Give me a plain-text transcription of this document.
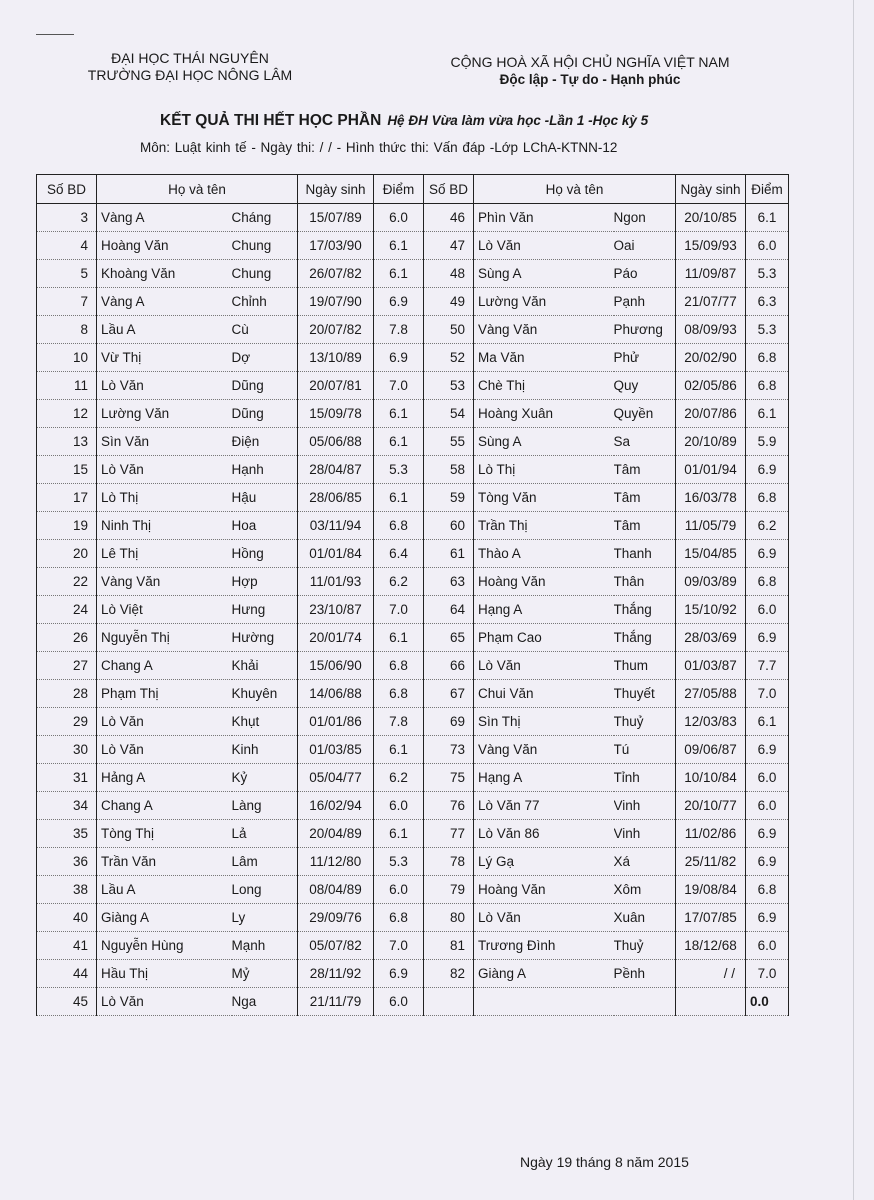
ĐẠI HỌC THÁI NGUYÊN
TRƯỜNG ĐẠI HỌC NÔNG LÂM
CỘNG HOÀ XÃ HỘI CHỦ NGHĨA VIỆT NAM
Độc lập - Tự do - Hạnh phúc
KẾT QUẢ THI HẾT HỌC PHẦN Hệ ĐH Vừa làm vừa học -Lần 1 -Học kỳ 5
Môn: Luật kinh tế - Ngày thi: / / - Hình thức thi: Vấn đáp -Lớp LChA-KTNN-12
Số BD	Họ và tên		Ngày sinh	Điểm	Số BD	Họ và tên		Ngày sinh	Điểm
3	Vàng A	Cháng	15/07/89	6.0	46	Phìn Văn	Ngon	20/10/85	6.1
4	Hoàng Văn	Chung	17/03/90	6.1	47	Lò Văn	Oai	15/09/93	6.0
5	Khoàng Văn	Chung	26/07/82	6.1	48	Sùng A	Páo	11/09/87	5.3
7	Vàng A	Chỉnh	19/07/90	6.9	49	Lường Văn	Pạnh	21/07/77	6.3
8	Lầu A	Cù	20/07/82	7.8	50	Vàng Văn	Phương	08/09/93	5.3
10	Vừ Thị	Dợ	13/10/89	6.9	52	Ma Văn	Phử	20/02/90	6.8
11	Lò Văn	Dũng	20/07/81	7.0	53	Chè Thị	Quy	02/05/86	6.8
12	Lường Văn	Dũng	15/09/78	6.1	54	Hoàng Xuân	Quyền	20/07/86	6.1
13	Sìn Văn	Điện	05/06/88	6.1	55	Sùng A	Sa	20/10/89	5.9
15	Lò Văn	Hạnh	28/04/87	5.3	58	Lò Thị	Tâm	01/01/94	6.9
17	Lò Thị	Hậu	28/06/85	6.1	59	Tòng Văn	Tâm	16/03/78	6.8
19	Ninh Thị	Hoa	03/11/94	6.8	60	Trần Thị	Tâm	11/05/79	6.2
20	Lê Thị	Hồng	01/01/84	6.4	61	Thào A	Thanh	15/04/85	6.9
22	Vàng Văn	Hợp	11/01/93	6.2	63	Hoàng Văn	Thân	09/03/89	6.8
24	Lò Việt	Hưng	23/10/87	7.0	64	Hạng A	Thắng	15/10/92	6.0
26	Nguyễn Thị	Hường	20/01/74	6.1	65	Phạm Cao	Thắng	28/03/69	6.9
27	Chang A	Khải	15/06/90	6.8	66	Lò Văn	Thum	01/03/87	7.7
28	Phạm Thị	Khuyên	14/06/88	6.8	67	Chui Văn	Thuyết	27/05/88	7.0
29	Lò Văn	Khụt	01/01/86	7.8	69	Sìn Thị	Thuỷ	12/03/83	6.1
30	Lò Văn	Kinh	01/03/85	6.1	73	Vàng Văn	Tú	09/06/87	6.9
31	Hảng A	Kỷ	05/04/77	6.2	75	Hạng A	Tỉnh	10/10/84	6.0
34	Chang A	Làng	16/02/94	6.0	76	Lò Văn 77	Vinh	20/10/77	6.0
35	Tòng Thị	Lả	20/04/89	6.1	77	Lò Văn 86	Vinh	11/02/86	6.9
36	Trần Văn	Lâm	11/12/80	5.3	78	Lý Gạ	Xá	25/11/82	6.9
38	Lầu A	Long	08/04/89	6.0	79	Hoàng Văn	Xôm	19/08/84	6.8
40	Giàng A	Ly	29/09/76	6.8	80	Lò Văn	Xuân	17/07/85	6.9
41	Nguyễn Hùng	Mạnh	05/07/82	7.0	81	Trương Đình	Thuỷ	18/12/68	6.0
44	Hầu Thị	Mỷ	28/11/92	6.9	82	Giàng A	Pềnh	/ /	7.0
45	Lò Văn	Nga	21/11/79	6.0					0.0
Ngày 19 tháng 8 năm 2015
